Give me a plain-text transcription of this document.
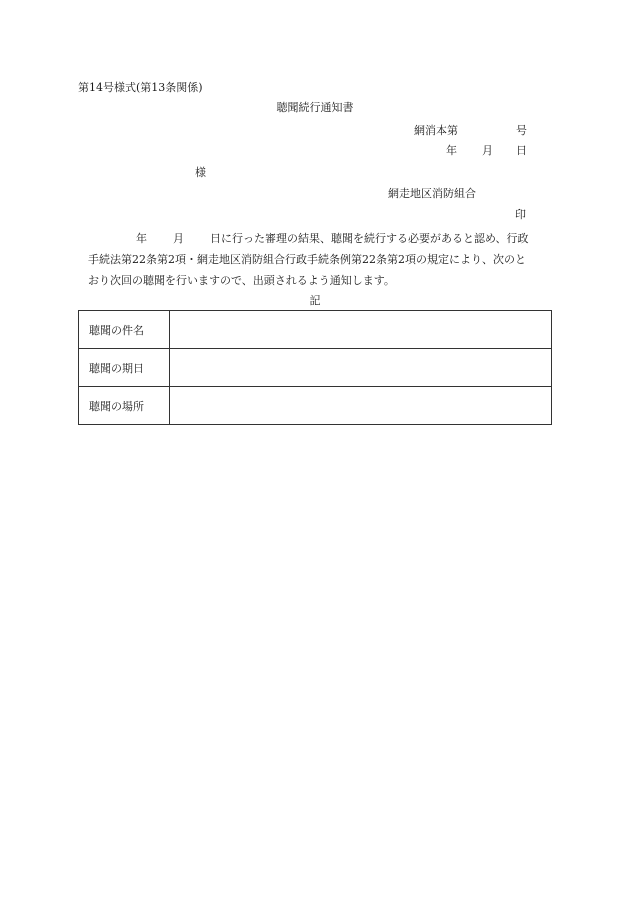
第14号様式(第13条関係)
聴聞続行通知書
網消本第	号
年 月 日
様
網走地区消防組合
印
年 月 日に行った審理の結果、聴聞を続行する必要があると認め、行政
手続法第22条第2項・網走地区消防組合行政手続条例第22条第2項の規定により、次のと
おり次回の聴聞を行いますので、出頭されるよう通知します。
記
聴聞の件名	
聴聞の期日	
聴聞の場所	
